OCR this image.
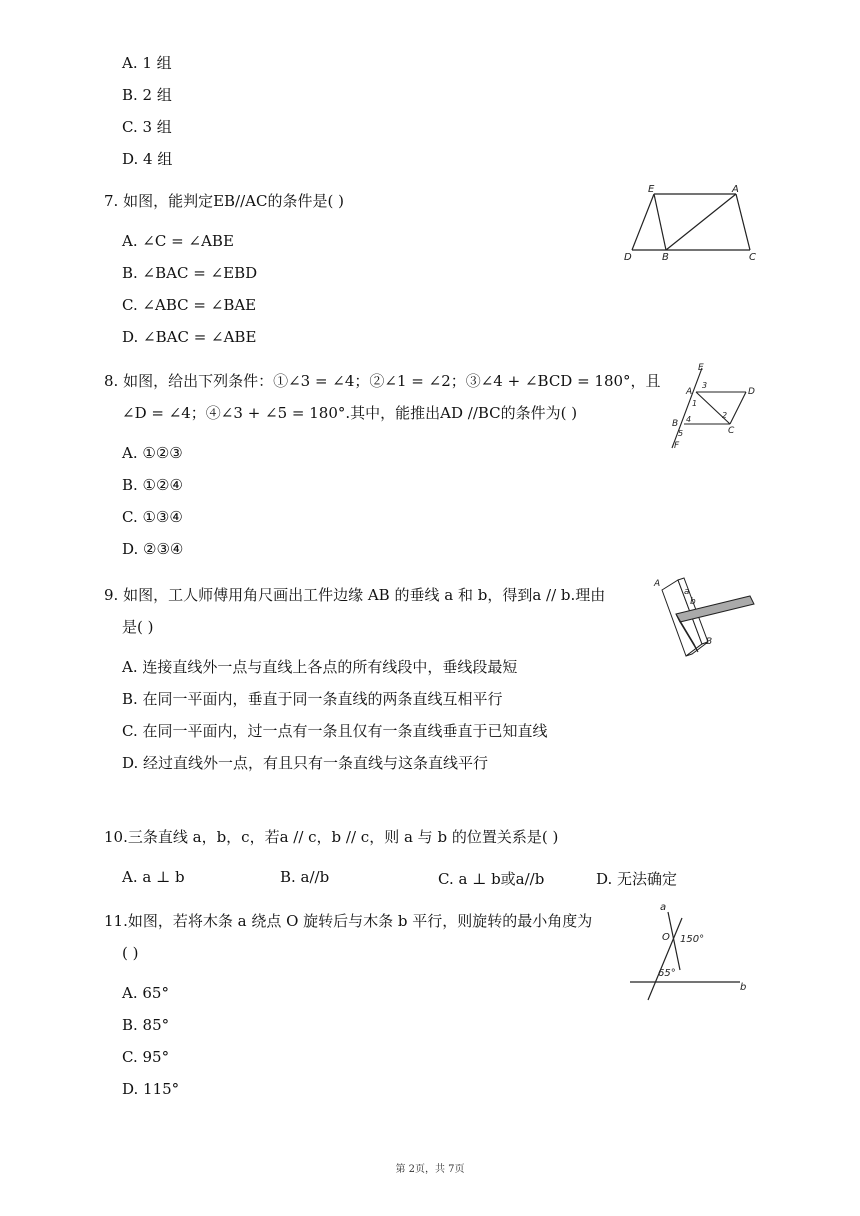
A. 1 组
B. 2 组
C. 3 组
D. 4 组
7. 如图，能判定EB//AC的条件是( )
A. ∠C = ∠ABE
B. ∠BAC = ∠EBD
C. ∠ABC = ∠BAE
D. ∠BAC = ∠ABE
E	A
D	B	C
8. 如图，给出下列条件：①∠3 = ∠4；②∠1 = ∠2；③∠4 + ∠BCD = 180°，且
∠D = ∠4；④∠3 + ∠5 = 180°.其中，能推出AD //BC的条件为( )
A. ①②③
B. ①②④
C. ①③④
D. ②③④
E
A	D
B
C
F
1
2
3
4
5
9. 如图，工人师傅用角尺画出工件边缘 AB 的垂线 a 和 b，得到a // b.理由
是( )
A. 连接直线外一点与直线上各点的所有线段中，垂线段最短
B. 在同一平面内，垂直于同一条直线的两条直线互相平行
C. 在同一平面内，过一点有一条且仅有一条直线垂直于已知直线
D. 经过直线外一点，有且只有一条直线与这条直线平行
A
a
b
B
10.三条直线 a，b，c，若a // c，b // c，则 a 与 b 的位置关系是( )
A. a ⊥ b	B. a//b	C. a ⊥ b或a//b	D. 无法确定
11.如图，若将木条 a 绕点 O 旋转后与木条 b 平行，则旋转的最小角度为
( )
A. 65°
B. 85°
C. 95°
D. 115°
a
O 150°
65°
b
第 2页，共 7页
